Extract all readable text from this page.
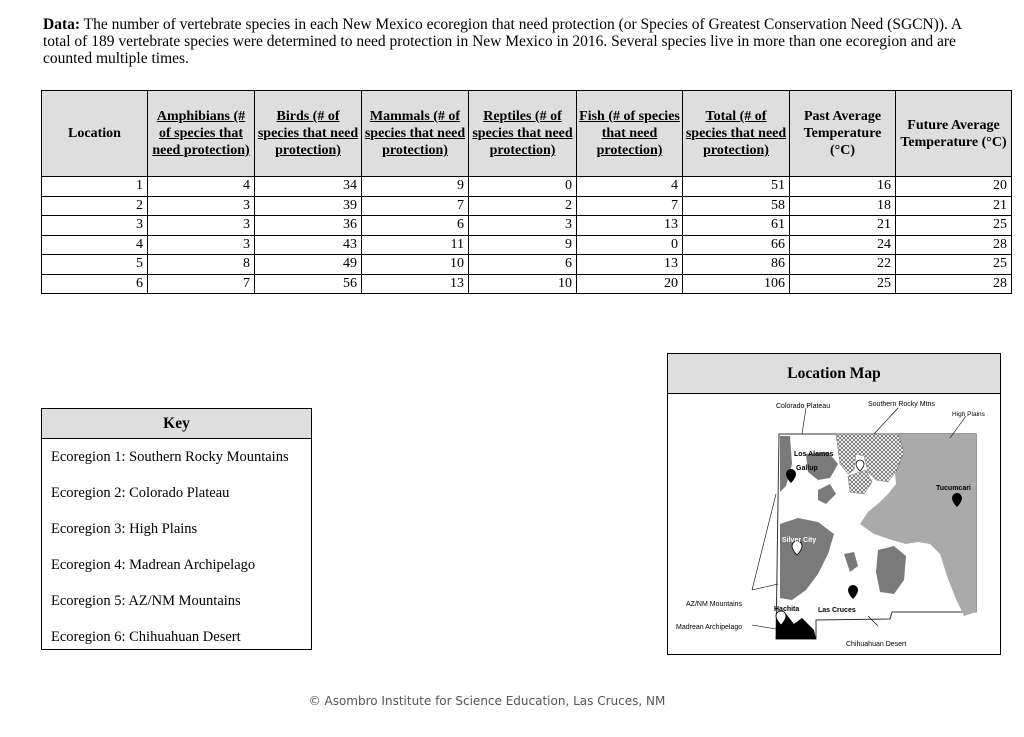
Data: The number of vertebrate species in each New Mexico ecoregion that need protection (or Species of Greatest Conservation Need (SGCN)). A total of 189 vertebrate species were determined to need protection in New Mexico in 2016. Several species live in more than one ecoregion and are counted multiple times.
Location	Amphibians (# of species that need protection)	Birds (# of species that need protection)	Mammals (# of species that need protection)	Reptiles (# of species that need protection)	Fish (# of species that need protection)	Total (# of species that need protection)	Past Average Temperature (°C)	Future Average Temperature (°C)
1	4	34	9	0	4	51	16	20
2	3	39	7	2	7	58	18	21
3	3	36	6	3	13	61	21	25
4	3	43	11	9	0	66	24	28
5	8	49	10	6	13	86	22	25
6	7	56	13	10	20	106	25	28
Key
Ecoregion 1: Southern Rocky Mountains
Ecoregion 2: Colorado Plateau
Ecoregion 3: High Plains
Ecoregion 4: Madrean Archipelago
Ecoregion 5: AZ/NM Mountains
Ecoregion 6: Chihuahuan Desert
Location Map
Colorado Plateau	Southern Rocky Mtns
High Plains
Los Alamos
Gallup
Tucumcari
Silver City
AZ/NM Mountains
Madrean Archipelago
Hachita	Las Cruces
Chihuahuan Desert
© Asombro Institute for Science Education, Las Cruces, NM
